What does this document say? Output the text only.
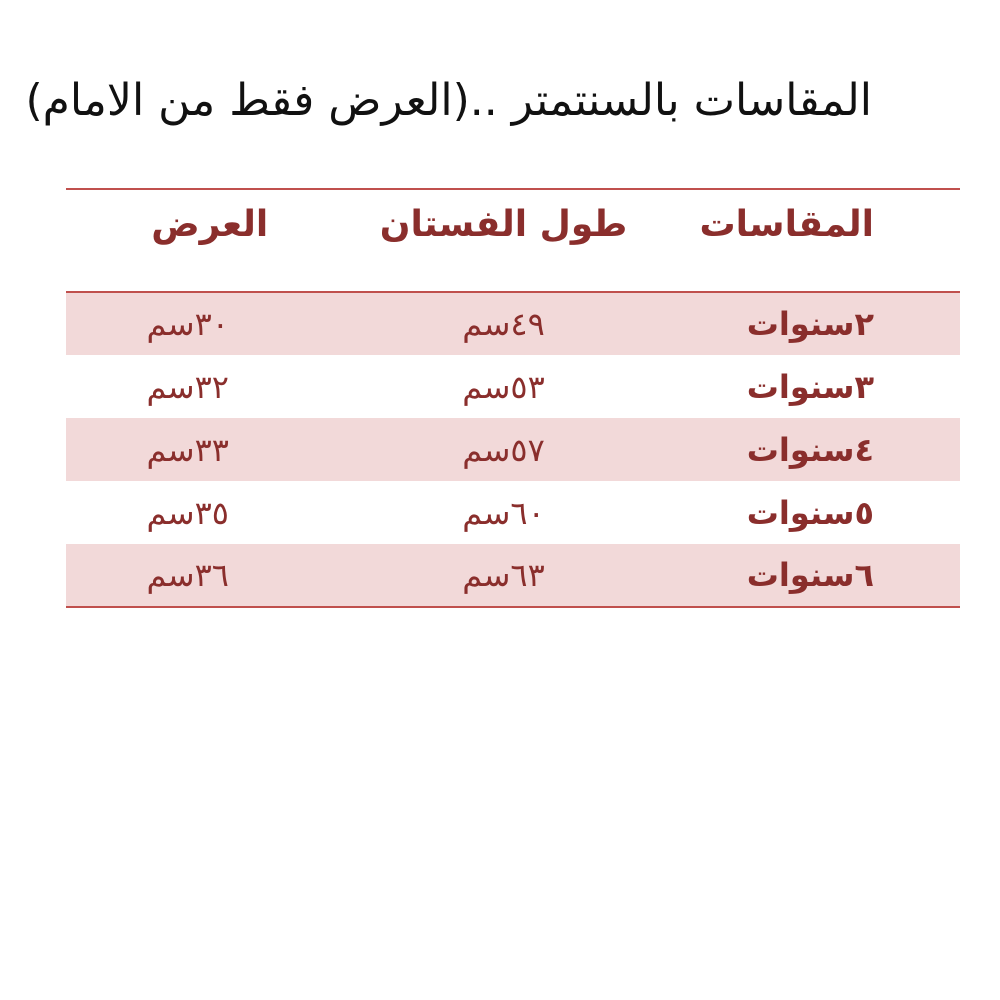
المقاسات بالسنتمتر ..(العرض فقط من الامام)
المقاسات	طول الفستان	العرض
٢سنوات	٤٩سم	٣٠سم
٣سنوات	٥٣سم	٣٢سم
٤سنوات	٥٧سم	٣٣سم
٥سنوات	٦٠سم	٣٥سم
٦سنوات	٦٣سم	٣٦سم
